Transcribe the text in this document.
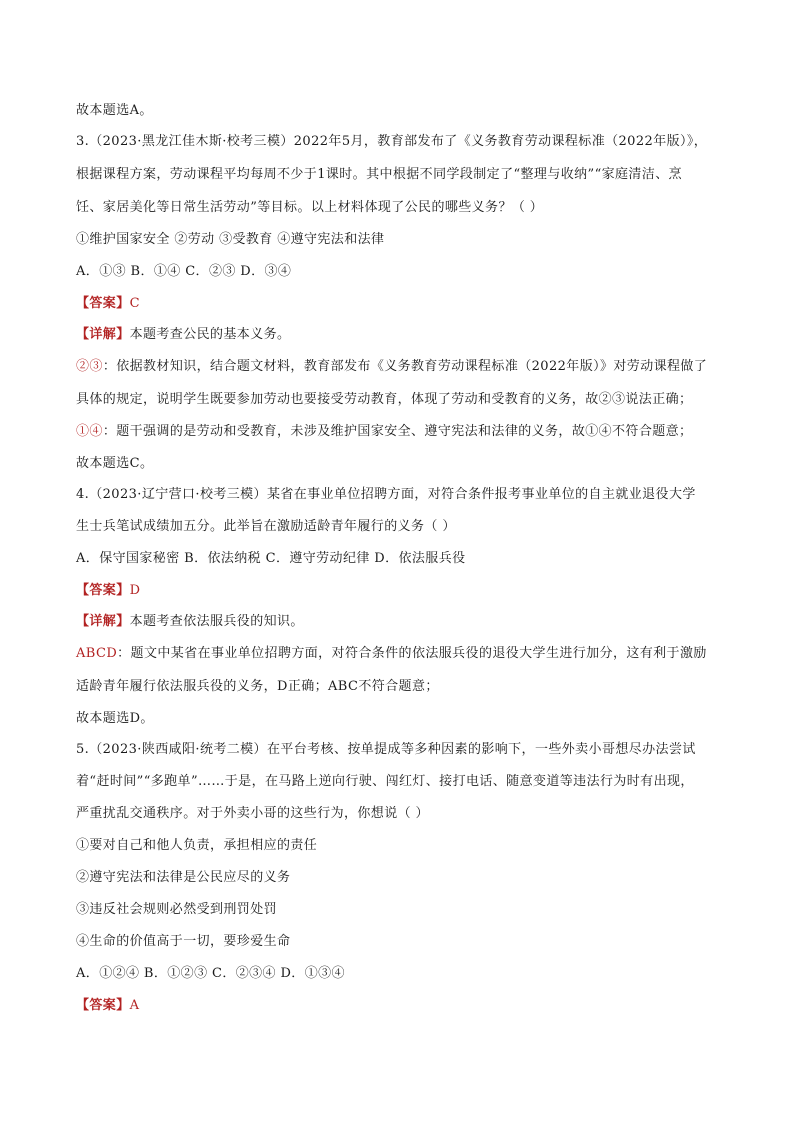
故本题选A。
3.（2023·黑龙江佳木斯·校考三模）2022年5月，教育部发布了《义务教育劳动课程标准（2022年版）》，
根据课程方案，劳动课程平均每周不少于1课时。其中根据不同学段制定了“整理与收纳”“家庭清洁、烹
饪、家居美化等日常生活劳动”等目标。以上材料体现了公民的哪些义务？（ ）
①维护国家安全 ②劳动 ③受教育 ④遵守宪法和法律
A．①③ B．①④ C．②③ D．③④
【答案】C
【详解】本题考查公民的基本义务。
②③：依据教材知识，结合题文材料，教育部发布《义务教育劳动课程标准（2022年版）》对劳动课程做了
具体的规定，说明学生既要参加劳动也要接受劳动教育，体现了劳动和受教育的义务，故②③说法正确；
①④：题干强调的是劳动和受教育，未涉及维护国家安全、遵守宪法和法律的义务，故①④不符合题意；
故本题选C。
4.（2023·辽宁营口·校考三模）某省在事业单位招聘方面，对符合条件报考事业单位的自主就业退役大学
生士兵笔试成绩加五分。此举旨在激励适龄青年履行的义务（ ）
A．保守国家秘密 B．依法纳税 C．遵守劳动纪律 D．依法服兵役
【答案】D
【详解】本题考查依法服兵役的知识。
ABCD：题文中某省在事业单位招聘方面，对符合条件的依法服兵役的退役大学生进行加分，这有利于激励
适龄青年履行依法服兵役的义务，D正确；ABC不符合题意；
故本题选D。
5.（2023·陕西咸阳·统考二模）在平台考核、按单提成等多种因素的影响下，一些外卖小哥想尽办法尝试
着“赶时间”“多跑单”……于是，在马路上逆向行驶、闯红灯、接打电话、随意变道等违法行为时有出现，
严重扰乱交通秩序。对于外卖小哥的这些行为，你想说（ ）
①要对自己和他人负责，承担相应的责任
②遵守宪法和法律是公民应尽的义务
③违反社会规则必然受到刑罚处罚
④生命的价值高于一切，要珍爱生命
A．①②④ B．①②③ C．②③④ D．①③④
【答案】A
